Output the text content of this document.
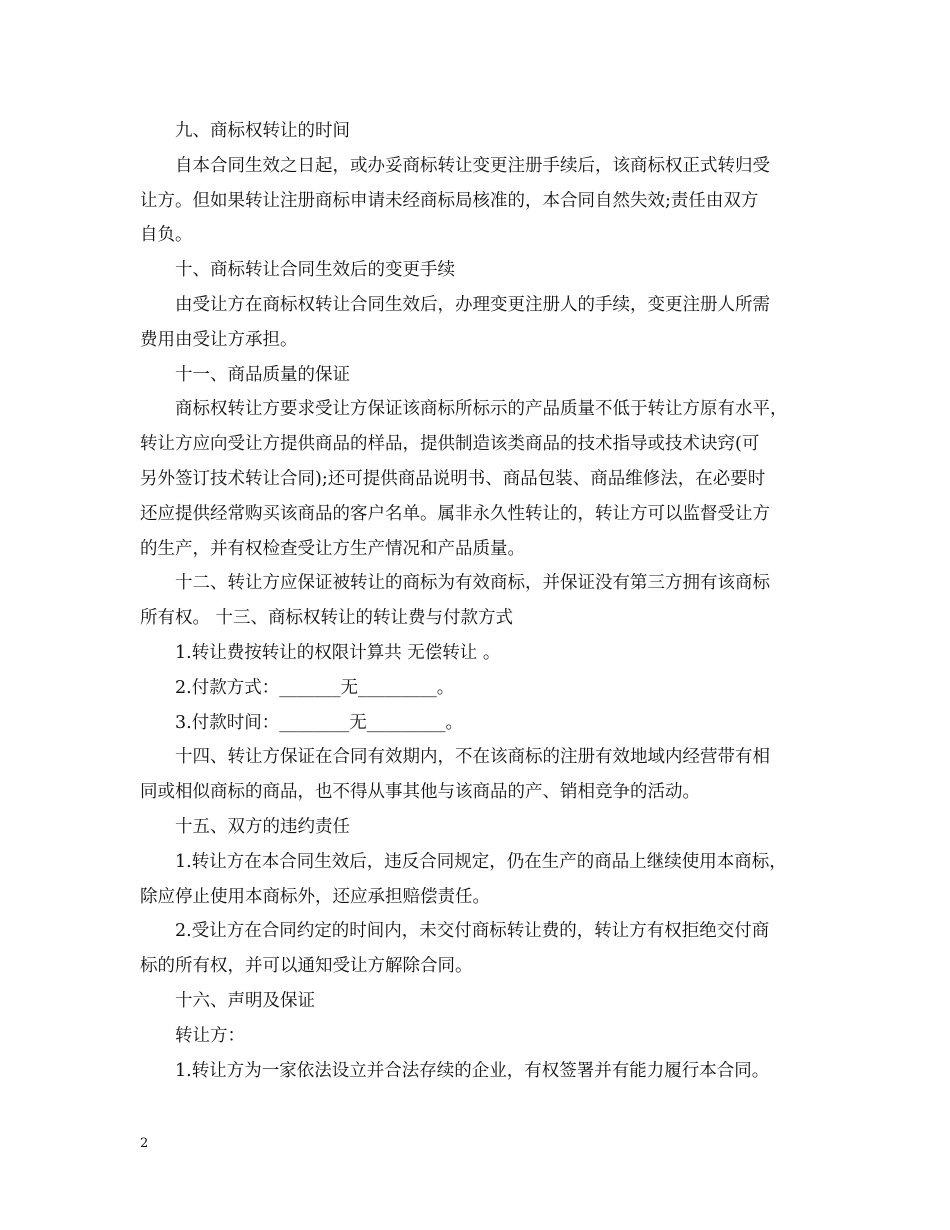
九、商标权转让的时间

自本合同生效之日起，或办妥商标转让变更注册手续后，该商标权正式转归受

让方。但如果转让注册商标申请未经商标局核准的，本合同自然失效;责任由双方

自负。

十、商标转让合同生效后的变更手续

由受让方在商标权转让合同生效后，办理变更注册人的手续，变更注册人所需

费用由受让方承担。

十一、商品质量的保证

商标权转让方要求受让方保证该商标所标示的产品质量不低于转让方原有水平，

转让方应向受让方提供商品的样品，提供制造该类商品的技术指导或技术诀窍(可

另外签订技术转让合同);还可提供商品说明书、商品包装、商品维修法，在必要时

还应提供经常购买该商品的客户名单。属非永久性转让的，转让方可以监督受让方

的生产，并有权检查受让方生产情况和产品质量。

十二、转让方应保证被转让的商标为有效商标，并保证没有第三方拥有该商标

所有权。 十三、商标权转让的转让费与付款方式

1.转让费按转让的权限计算共 无偿转让 。

2.付款方式：_______无_________。

3.付款时间：________无_________。

十四、转让方保证在合同有效期内，不在该商标的注册有效地域内经营带有相

同或相似商标的商品，也不得从事其他与该商品的产、销相竞争的活动。

十五、双方的违约责任

1.转让方在本合同生效后，违反合同规定，仍在生产的商品上继续使用本商标，

除应停止使用本商标外，还应承担赔偿责任。

2.受让方在合同约定的时间内，未交付商标转让费的，转让方有权拒绝交付商

标的所有权，并可以通知受让方解除合同。

十六、声明及保证

转让方：

1.转让方为一家依法设立并合法存续的企业，有权签署并有能力履行本合同。

2
